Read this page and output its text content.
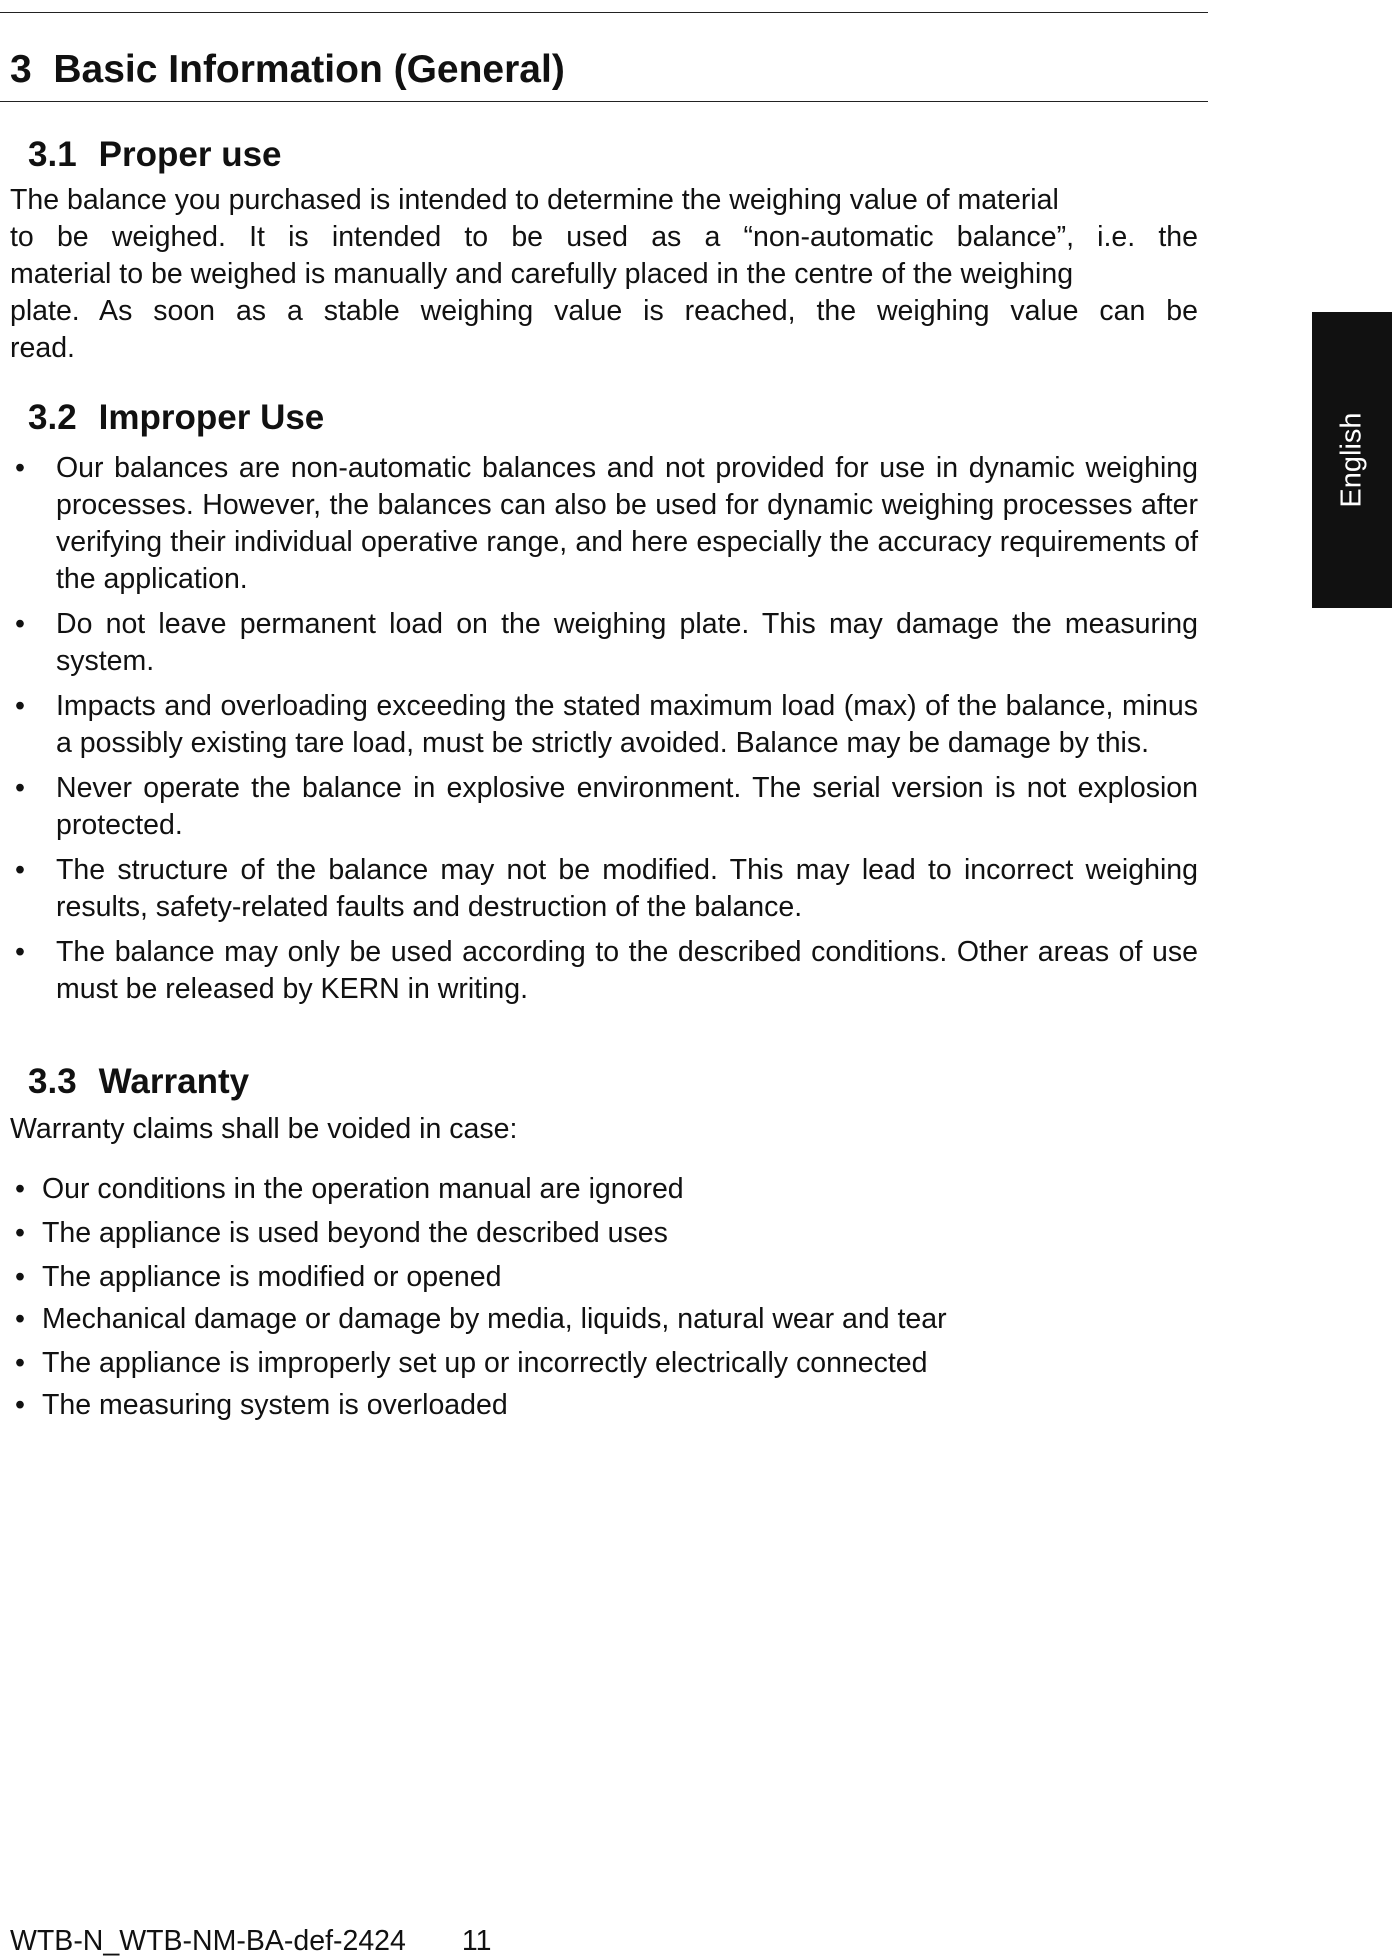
3 Basic Information (General)
3.1 Proper use
The balance you purchased is intended to determine the weighing value of material
to be weighed. It is intended to be used as a “non-automatic balance”, i.e. the
material to be weighed is manually and carefully placed in the centre of the weighing
plate. As soon as a stable weighing value is reached, the weighing value can be
read.
3.2 Improper Use
• Our balances are non-automatic balances and not provided for use in dynamic weighing processes. However, the balances can also be used for dynamic weighing processes after verifying their individual operative range, and here especially the accuracy requirements of the application.
• Do not leave permanent load on the weighing plate. This may damage the measuring system.
• Impacts and overloading exceeding the stated maximum load (max) of the balance, minus a possibly existing tare load, must be strictly avoided. Balance may be damage by this.
• Never operate the balance in explosive environment. The serial version is not explosion protected.
• The structure of the balance may not be modified. This may lead to incorrect weighing results, safety-related faults and destruction of the balance.
• The balance may only be used according to the described conditions. Other areas of use must be released by KERN in writing.
3.3 Warranty

Warranty claims shall be voided in case:

• Our conditions in the operation manual are ignored
• The appliance is used beyond the described uses
• The appliance is modified or opened
• Mechanical damage or damage by media, liquids, natural wear and tear
• The appliance is improperly set up or incorrectly electrically connected
• The measuring system is overloaded
English
WTB-N_WTB-NM-BA-def-2424 11
